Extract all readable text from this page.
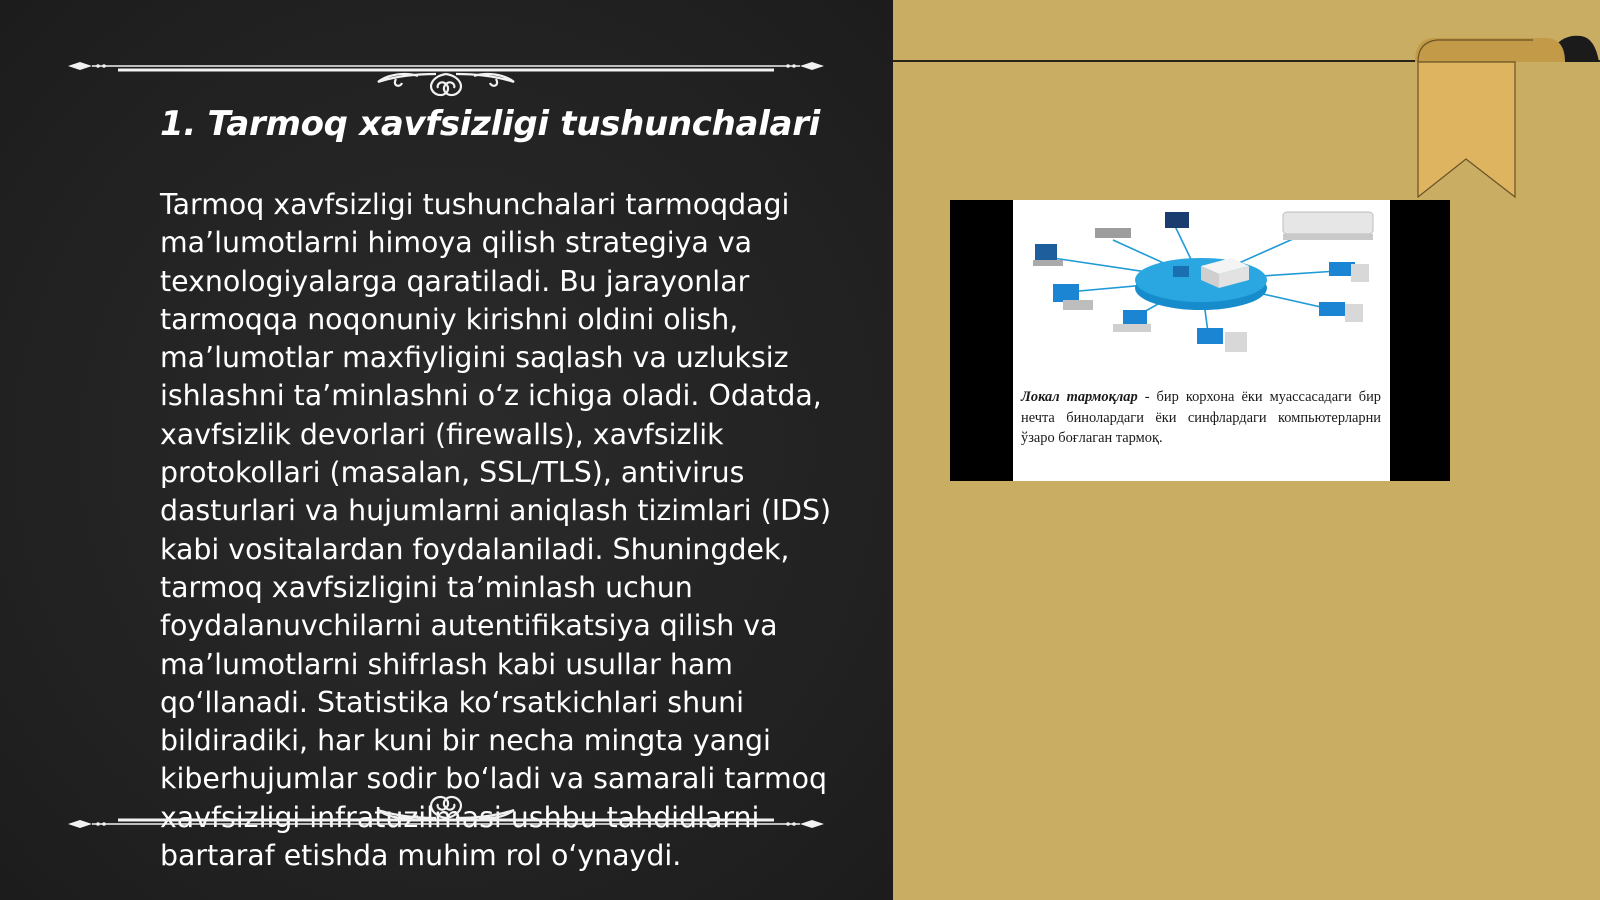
1. Tarmoq xavfsizligi tushunchalari

Tarmoq xavfsizligi tushunchalari tarmoqdagi ma’lumotlarni himoya qilish strategiya va texnologiyalarga qaratiladi. Bu jarayonlar tarmoqqa noqonuniy kirishni oldini olish, ma’lumotlar maxfiyligini saqlash va uzluksiz ishlashni ta’minlashni o‘z ichiga oladi. Odatda, xavfsizlik devorlari (firewalls), xavfsizlik protokollari (masalan, SSL/TLS), antivirus dasturlari va hujumlarni aniqlash tizimlari (IDS) kabi vositalardan foydalaniladi. Shuningdek, tarmoq xavfsizligini ta’minlash uchun foydalanuvchilarni autentifikatsiya qilish va ma’lumotlarni shifrlash kabi usullar ham qo‘llanadi. Statistika ko‘rsatkichlari shuni bildiradiki, har kuni bir necha mingta yangi kiberhujumlar sodir bo‘ladi va samarali tarmoq xavfsizligi infratuzilmasi ushbu tahdidlarni bartaraf etishda muhim rol o‘ynaydi.

Локал тармоқлар - бир корхона ёки муассасадаги бир нечта бинолардаги ёки синфлардаги компьютерларни ўзаро боғлаган тармоқ.
